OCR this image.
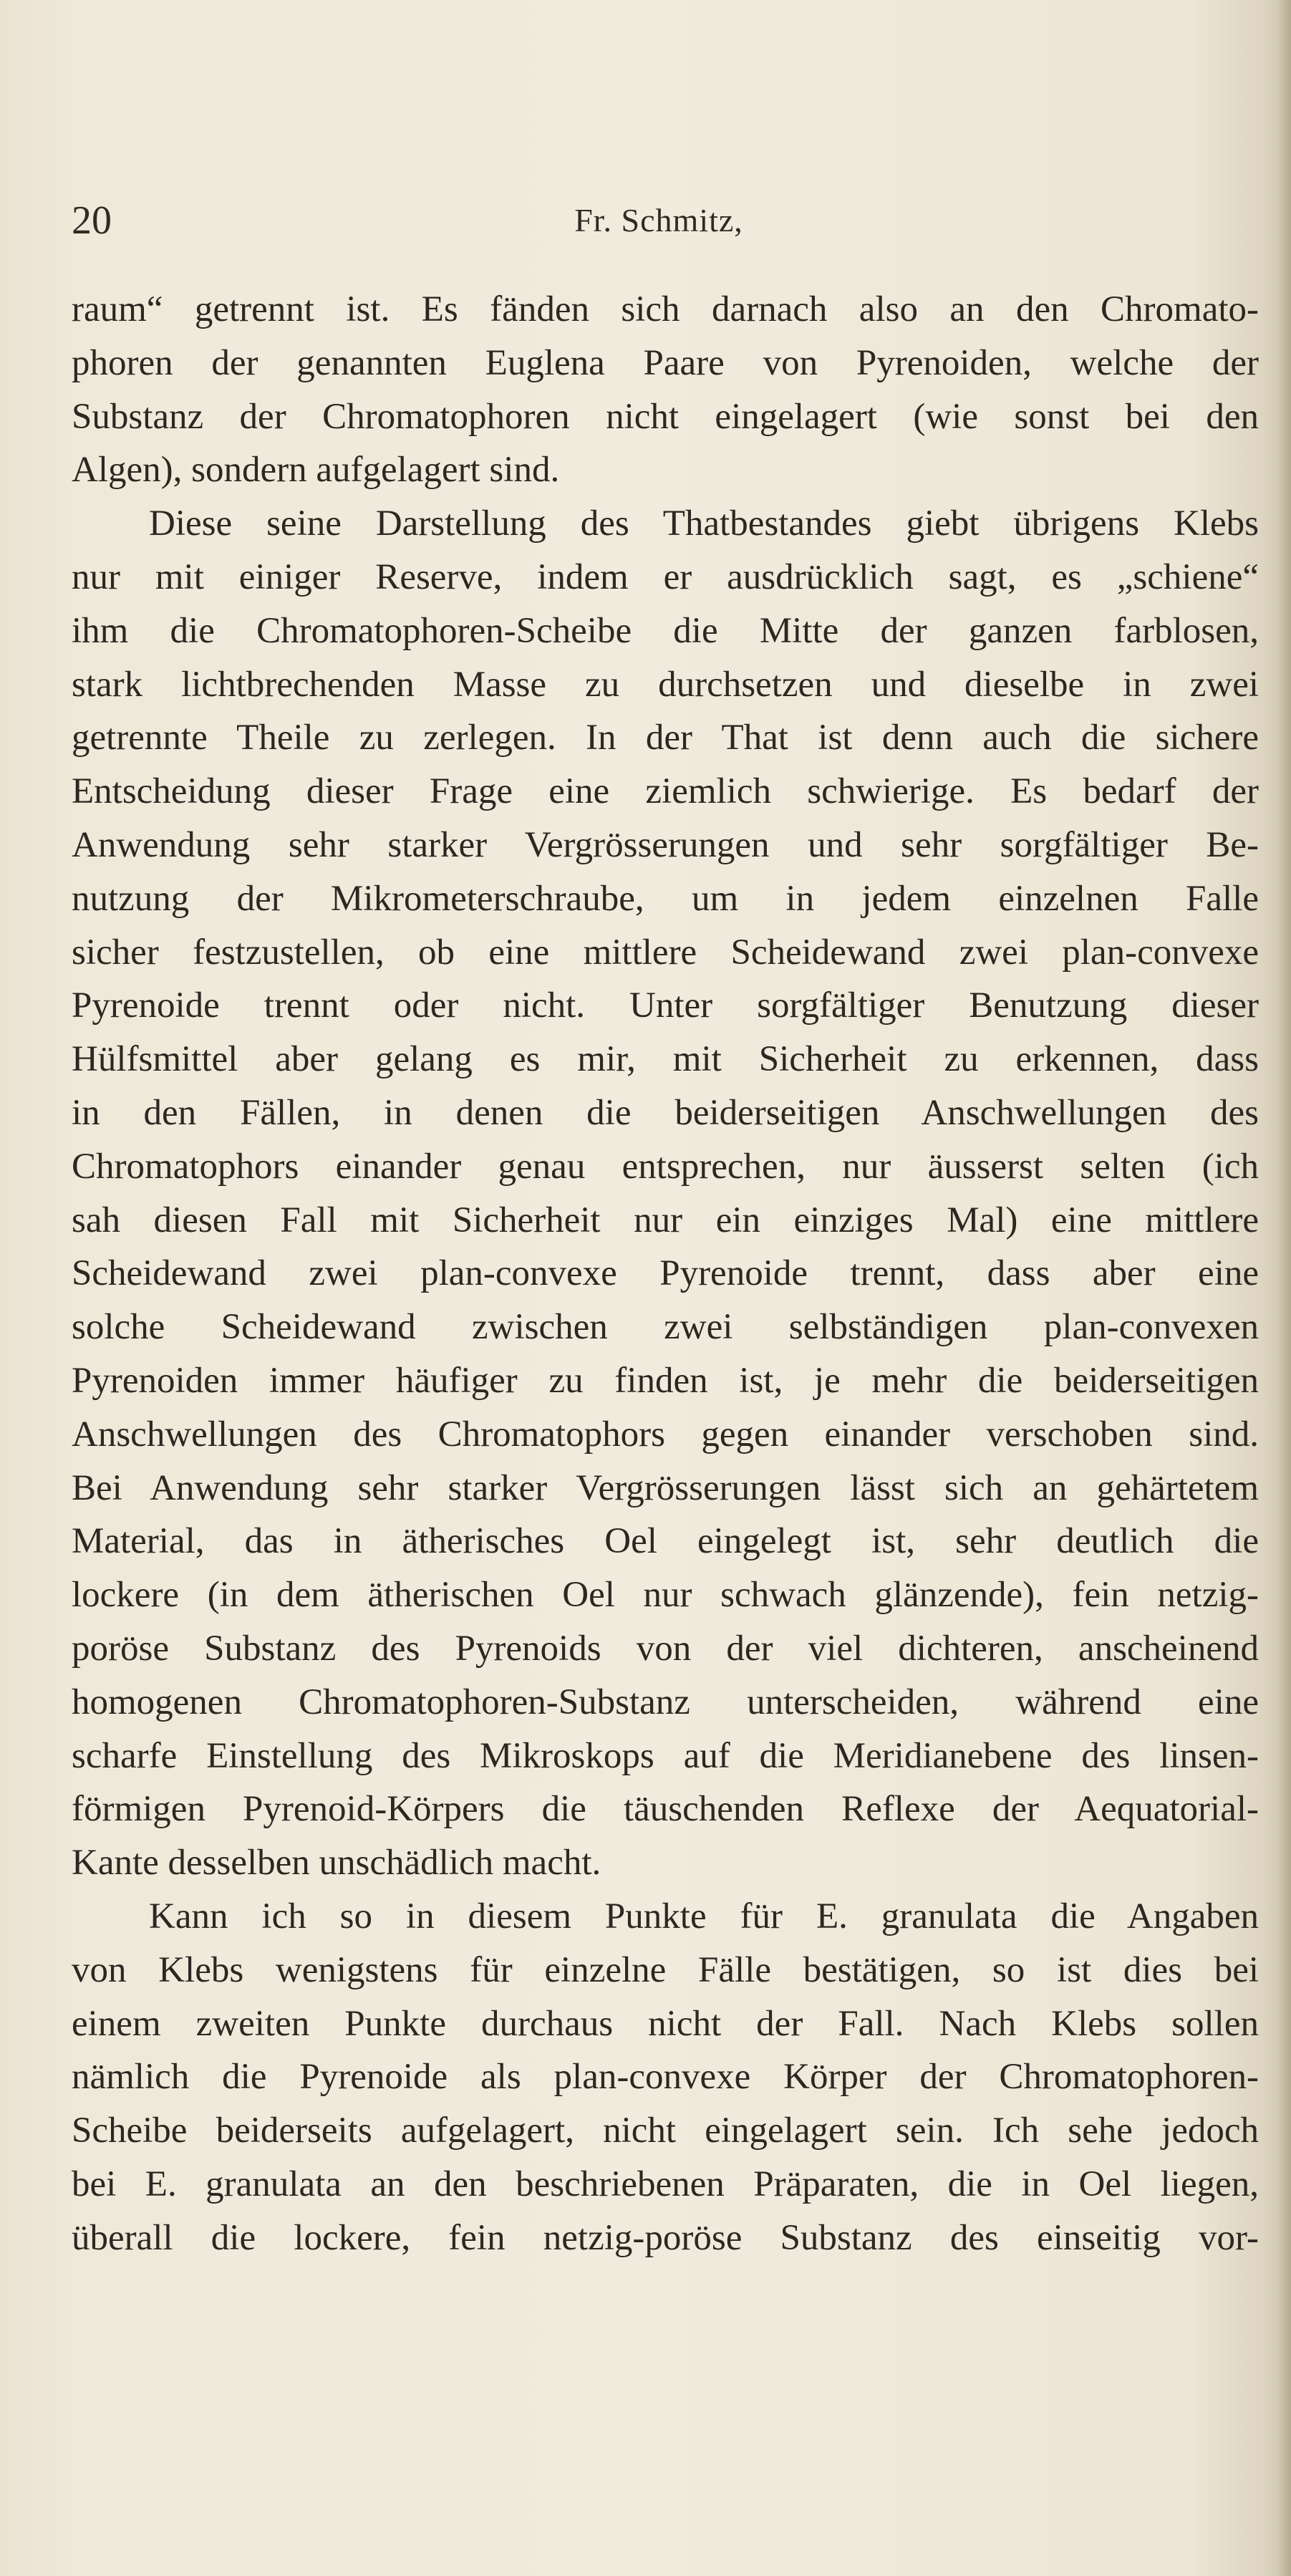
20	Fr. Schmitz,
raum“ getrennt ist. Es fänden sich darnach also an den Chromato-
phoren der genannten Euglena Paare von Pyrenoiden, welche der
Substanz der Chromatophoren nicht eingelagert (wie sonst bei den
Algen), sondern aufgelagert sind.
Diese seine Darstellung des Thatbestandes giebt übrigens Klebs
nur mit einiger Reserve, indem er ausdrücklich sagt, es „schiene“
ihm die Chromatophoren-Scheibe die Mitte der ganzen farblosen,
stark lichtbrechenden Masse zu durchsetzen und dieselbe in zwei
getrennte Theile zu zerlegen. In der That ist denn auch die sichere
Entscheidung dieser Frage eine ziemlich schwierige. Es bedarf der
Anwendung sehr starker Vergrösserungen und sehr sorgfältiger Be-
nutzung der Mikrometerschraube, um in jedem einzelnen Falle
sicher festzustellen, ob eine mittlere Scheidewand zwei plan-convexe
Pyrenoide trennt oder nicht. Unter sorgfältiger Benutzung dieser
Hülfsmittel aber gelang es mir, mit Sicherheit zu erkennen, dass
in den Fällen, in denen die beiderseitigen Anschwellungen des
Chromatophors einander genau entsprechen, nur äusserst selten (ich
sah diesen Fall mit Sicherheit nur ein einziges Mal) eine mittlere
Scheidewand zwei plan-convexe Pyrenoide trennt, dass aber eine
solche Scheidewand zwischen zwei selbständigen plan-convexen
Pyrenoiden immer häufiger zu finden ist, je mehr die beiderseitigen
Anschwellungen des Chromatophors gegen einander verschoben sind.
Bei Anwendung sehr starker Vergrösserungen lässt sich an gehärtetem
Material, das in ätherisches Oel eingelegt ist, sehr deutlich die
lockere (in dem ätherischen Oel nur schwach glänzende), fein netzig-
poröse Substanz des Pyrenoids von der viel dichteren, anscheinend
homogenen Chromatophoren-Substanz unterscheiden, während eine
scharfe Einstellung des Mikroskops auf die Meridianebene des linsen-
förmigen Pyrenoid-Körpers die täuschenden Reflexe der Aequatorial-
Kante desselben unschädlich macht.
Kann ich so in diesem Punkte für E. granulata die Angaben
von Klebs wenigstens für einzelne Fälle bestätigen, so ist dies bei
einem zweiten Punkte durchaus nicht der Fall. Nach Klebs sollen
nämlich die Pyrenoide als plan-convexe Körper der Chromatophoren-
Scheibe beiderseits aufgelagert, nicht eingelagert sein. Ich sehe jedoch
bei E. granulata an den beschriebenen Präparaten, die in Oel liegen,
überall die lockere, fein netzig-poröse Substanz des einseitig vor-
